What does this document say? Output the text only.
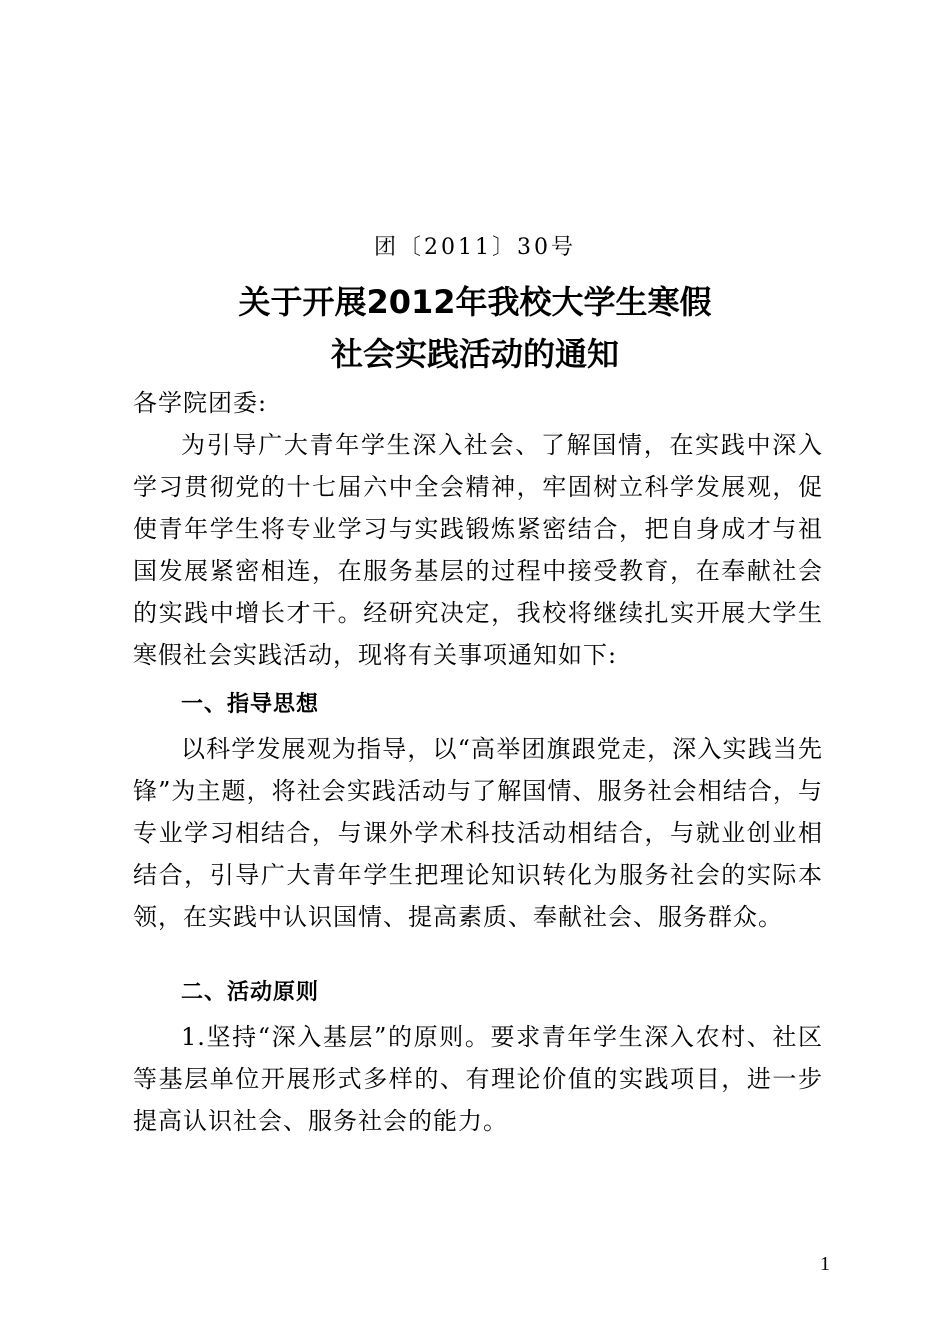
团〔2011〕30号
关于开展2012年我校大学生寒假
社会实践活动的通知
各学院团委:
为引导广大青年学生深入社会、了解国情，在实践中深入学习贯彻党的十七届六中全会精神，牢固树立科学发展观，促使青年学生将专业学习与实践锻炼紧密结合，把自身成才与祖国发展紧密相连，在服务基层的过程中接受教育，在奉献社会的实践中增长才干。经研究决定，我校将继续扎实开展大学生寒假社会实践活动，现将有关事项通知如下:
一、指导思想
以科学发展观为指导，以“高举团旗跟党走，深入实践当先锋”为主题，将社会实践活动与了解国情、服务社会相结合，与专业学习相结合，与课外学术科技活动相结合，与就业创业相结合，引导广大青年学生把理论知识转化为服务社会的实际本领，在实践中认识国情、提高素质、奉献社会、服务群众。
二、活动原则
1.坚持“深入基层”的原则。要求青年学生深入农村、社区等基层单位开展形式多样的、有理论价值的实践项目，进一步提高认识社会、服务社会的能力。
1
